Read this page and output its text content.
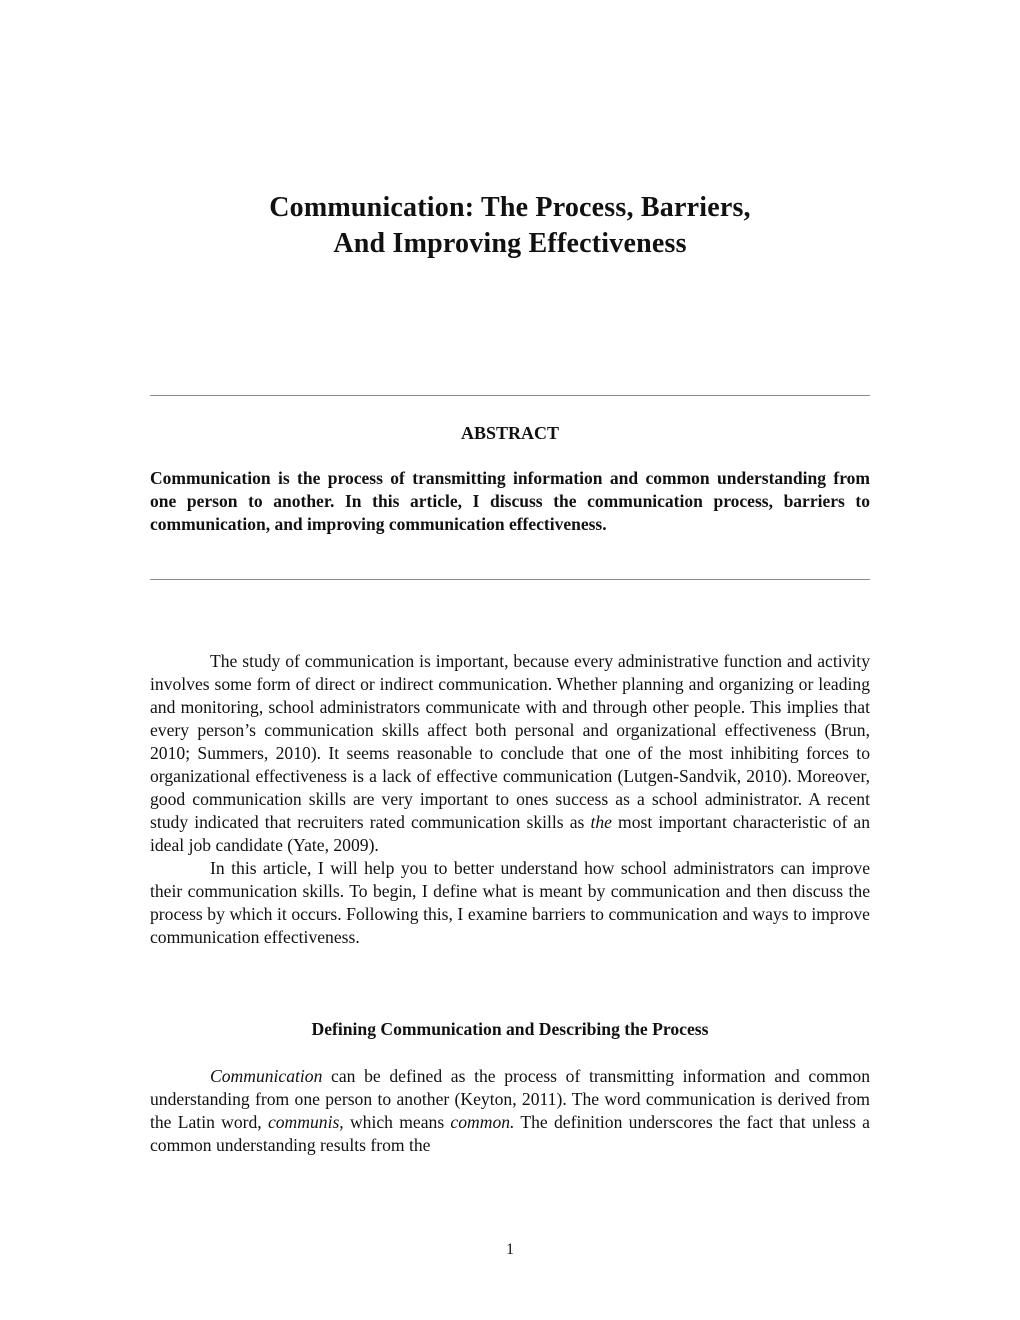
Communication: The Process, Barriers,
And Improving Effectiveness
ABSTRACT

Communication is the process of transmitting information and common understanding from one person to another. In this article, I discuss the communication process, barriers to communication, and improving communication effectiveness.

The study of communication is important, because every administrative function and activity involves some form of direct or indirect communication. Whether planning and organizing or leading and monitoring, school administrators communicate with and through other people. This implies that every person’s communication skills affect both personal and organizational effectiveness (Brun, 2010; Summers, 2010). It seems reasonable to conclude that one of the most inhibiting forces to organizational effectiveness is a lack of effective communication (Lutgen-Sandvik, 2010). Moreover, good communication skills are very important to ones success as a school administrator. A recent study indicated that recruiters rated communication skills as the most important characteristic of an ideal job candidate (Yate, 2009).

In this article, I will help you to better understand how school administrators can improve their communication skills. To begin, I define what is meant by communication and then discuss the process by which it occurs. Following this, I examine barriers to communication and ways to improve communication effectiveness.

Defining Communication and Describing the Process

Communication can be defined as the process of transmitting information and common understanding from one person to another (Keyton, 2011). The word communication is derived from the Latin word, communis, which means common. The definition underscores the fact that unless a common understanding results from the

1
